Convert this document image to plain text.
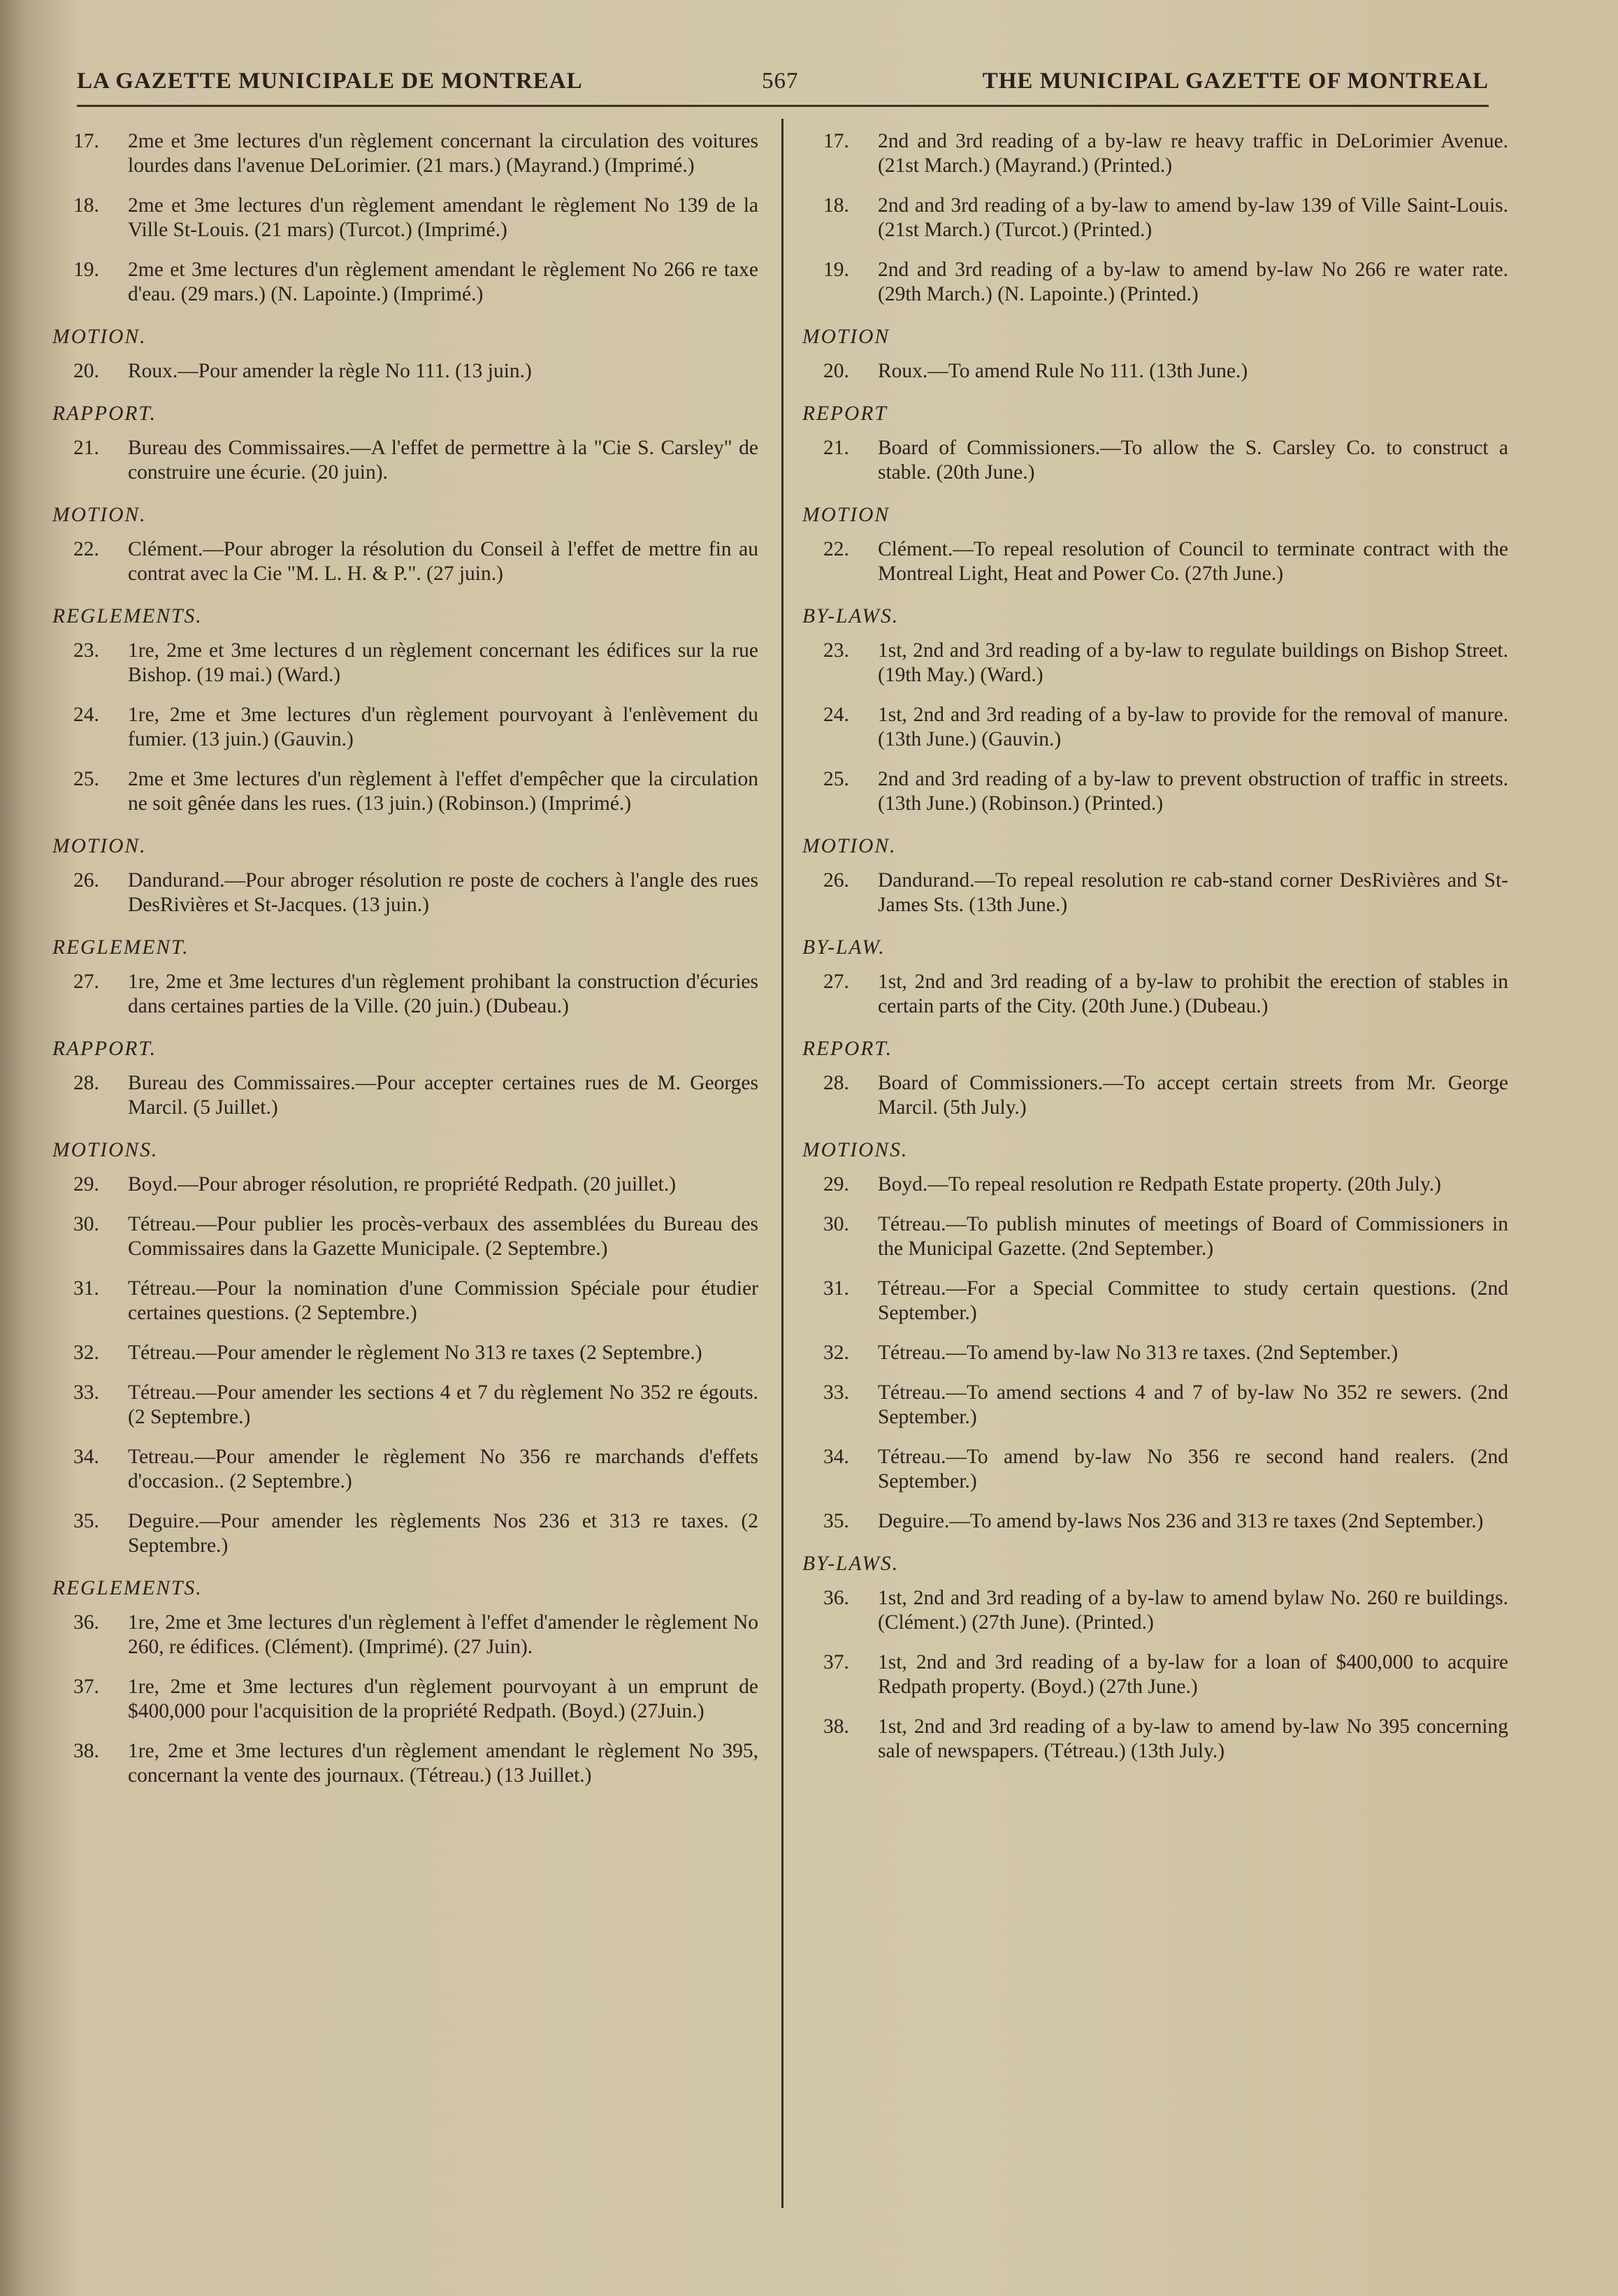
LA GAZETTE MUNICIPALE DE MONTREAL	567	THE MUNICIPAL GAZETTE OF MONTREAL
17.	2me et 3me lectures d'un règlement concernant la circulation des voitures lourdes dans l'avenue DeLorimier. (21 mars.) (Mayrand.) (Imprimé.)
18.	2me et 3me lectures d'un règlement amendant le règlement No 139 de la Ville St-Louis. (21 mars) (Turcot.) (Imprimé.)
19.	2me et 3me lectures d'un règlement amendant le règlement No 266 re taxe d'eau. (29 mars.) (N. Lapointe.) (Imprimé.)
MOTION.
20.	Roux.—Pour amender la règle No 111. (13 juin.)
RAPPORT.
21.	Bureau des Commissaires.—A l'effet de permettre à la "Cie S. Carsley" de construire une écurie. (20 juin).
MOTION.
22.	Clément.—Pour abroger la résolution du Conseil à l'effet de mettre fin au contrat avec la Cie "M. L. H. & P.". (27 juin.)
REGLEMENTS.
23.	1re, 2me et 3me lectures d un règlement concernant les édifices sur la rue Bishop. (19 mai.) (Ward.)
24.	1re, 2me et 3me lectures d'un règlement pourvoyant à l'enlèvement du fumier. (13 juin.) (Gauvin.)
25.	2me et 3me lectures d'un règlement à l'effet d'empêcher que la circulation ne soit gênée dans les rues. (13 juin.) (Robinson.) (Imprimé.)
MOTION.
26.	Dandurand.—Pour abroger résolution re poste de cochers à l'angle des rues DesRivières et St-Jacques. (13 juin.)
REGLEMENT.
27.	1re, 2me et 3me lectures d'un règlement prohibant la construction d'écuries dans certaines parties de la Ville. (20 juin.) (Dubeau.)
RAPPORT.
28.	Bureau des Commissaires.—Pour accepter certaines rues de M. Georges Marcil. (5 Juillet.)
MOTIONS.
29.	Boyd.—Pour abroger résolution, re propriété Redpath. (20 juillet.)
30.	Tétreau.—Pour publier les procès-verbaux des assemblées du Bureau des Commissaires dans la Gazette Municipale. (2 Septembre.)
31.	Tétreau.—Pour la nomination d'une Commission Spéciale pour étudier certaines questions. (2 Septembre.)
32.	Tétreau.—Pour amender le règlement No 313 re taxes (2 Septembre.)
33.	Tétreau.—Pour amender les sections 4 et 7 du règlement No 352 re égouts. (2 Septembre.)
34.	Tetreau.—Pour amender le règlement No 356 re marchands d'effets d'occasion.. (2 Septembre.)
35.	Deguire.—Pour amender les règlements Nos 236 et 313 re taxes. (2 Septembre.)
REGLEMENTS.
36.	1re, 2me et 3me lectures d'un règlement à l'effet d'amender le règlement No 260, re édifices. (Clément). (Imprimé). (27 Juin).
37.	1re, 2me et 3me lectures d'un règlement pourvoyant à un emprunt de $400,000 pour l'acquisition de la propriété Redpath. (Boyd.) (27Juin.)
38.	1re, 2me et 3me lectures d'un règlement amendant le règlement No 395, concernant la vente des journaux. (Tétreau.) (13 Juillet.)
17.	2nd and 3rd reading of a by-law re heavy traffic in DeLorimier Avenue. (21st March.) (Mayrand.) (Printed.)
18.	2nd and 3rd reading of a by-law to amend by-law 139 of Ville Saint-Louis. (21st March.) (Turcot.) (Printed.)
19.	2nd and 3rd reading of a by-law to amend by-law No 266 re water rate. (29th March.) (N. Lapointe.) (Printed.)
MOTION
20.	Roux.—To amend Rule No 111. (13th June.)
REPORT
21.	Board of Commissioners.—To allow the S. Carsley Co. to construct a stable. (20th June.)
MOTION
22.	Clément.—To repeal resolution of Council to terminate contract with the Montreal Light, Heat and Power Co. (27th June.)
BY-LAWS.
23.	1st, 2nd and 3rd reading of a by-law to regulate buildings on Bishop Street. (19th May.) (Ward.)
24.	1st, 2nd and 3rd reading of a by-law to provide for the removal of manure. (13th June.) (Gauvin.)
25.	2nd and 3rd reading of a by-law to prevent obstruction of traffic in streets. (13th June.) (Robinson.) (Printed.)
MOTION.
26.	Dandurand.—To repeal resolution re cab-stand corner DesRivières and St-James Sts. (13th June.)
BY-LAW.
27.	1st, 2nd and 3rd reading of a by-law to prohibit the erection of stables in certain parts of the City. (20th June.) (Dubeau.)
REPORT.
28.	Board of Commissioners.—To accept certain streets from Mr. George Marcil. (5th July.)
MOTIONS.
29.	Boyd.—To repeal resolution re Redpath Estate property. (20th July.)
30.	Tétreau.—To publish minutes of meetings of Board of Commissioners in the Municipal Gazette. (2nd September.)
31.	Tétreau.—For a Special Committee to study certain questions. (2nd September.)
32.	Tétreau.—To amend by-law No 313 re taxes. (2nd September.)
33.	Tétreau.—To amend sections 4 and 7 of by-law No 352 re sewers. (2nd September.)
34.	Tétreau.—To amend by-law No 356 re second hand realers. (2nd September.)
35.	Deguire.—To amend by-laws Nos 236 and 313 re taxes (2nd September.)
BY-LAWS.
36.	1st, 2nd and 3rd reading of a by-law to amend bylaw No. 260 re buildings. (Clément.) (27th June). (Printed.)
37.	1st, 2nd and 3rd reading of a by-law for a loan of $400,000 to acquire Redpath property. (Boyd.) (27th June.)
38.	1st, 2nd and 3rd reading of a by-law to amend by-law No 395 concerning sale of newspapers. (Tétreau.) (13th July.)
